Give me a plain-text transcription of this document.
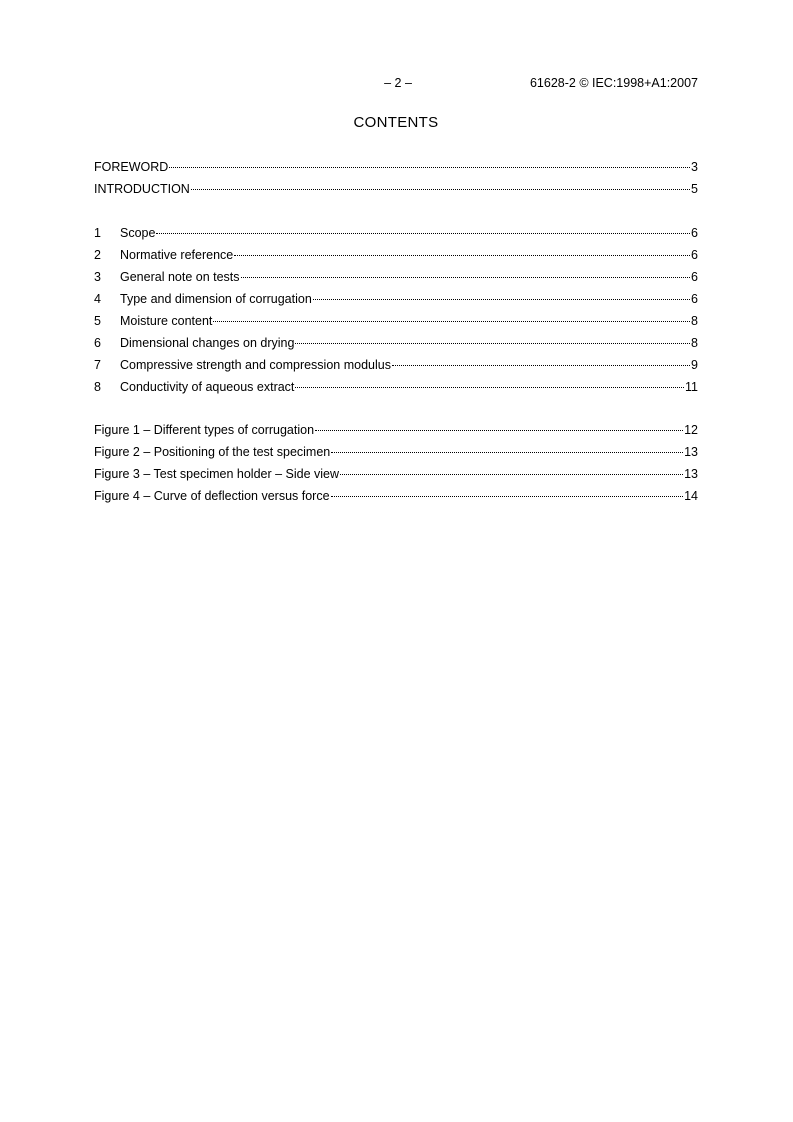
– 2 –	61628-2 © IEC:1998+A1:2007
CONTENTS
FOREWORD	3
INTRODUCTION	5
1	Scope	6
2	Normative reference	6
3	General note on tests	6
4	Type and dimension of corrugation	6
5	Moisture content	8
6	Dimensional changes on drying	8
7	Compressive strength and compression modulus	9
8	Conductivity of aqueous extract	11
Figure 1 – Different types of corrugation	12
Figure 2 – Positioning of the test specimen	13
Figure 3 – Test specimen holder – Side view	13
Figure 4 – Curve of deflection versus force	14
